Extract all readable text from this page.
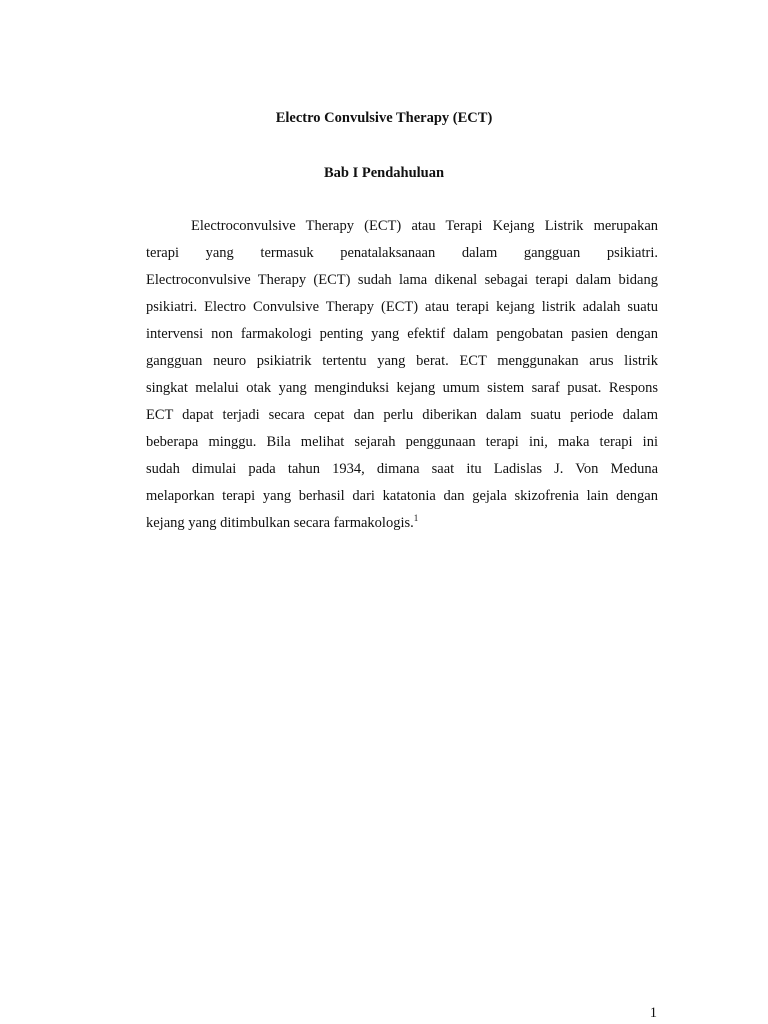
Electro Convulsive Therapy (ECT)
Bab I Pendahuluan
Electroconvulsive Therapy (ECT) atau Terapi Kejang Listrik merupakan
terapi yang termasuk penatalaksanaan dalam gangguan psikiatri.
Electroconvulsive Therapy (ECT) sudah lama dikenal sebagai terapi dalam bidang
psikiatri. Electro Convulsive Therapy (ECT) atau terapi kejang listrik adalah suatu
intervensi non farmakologi penting yang efektif dalam pengobatan pasien dengan
gangguan neuro psikiatrik tertentu yang berat. ECT menggunakan arus listrik
singkat melalui otak yang menginduksi kejang umum sistem saraf pusat. Respons
ECT dapat terjadi secara cepat dan perlu diberikan dalam suatu periode dalam
beberapa minggu. Bila melihat sejarah penggunaan terapi ini, maka terapi ini
sudah dimulai pada tahun 1934, dimana saat itu Ladislas J. Von Meduna
melaporkan terapi yang berhasil dari katatonia dan gejala skizofrenia lain dengan
kejang yang ditimbulkan secara farmakologis.$^1$
1
